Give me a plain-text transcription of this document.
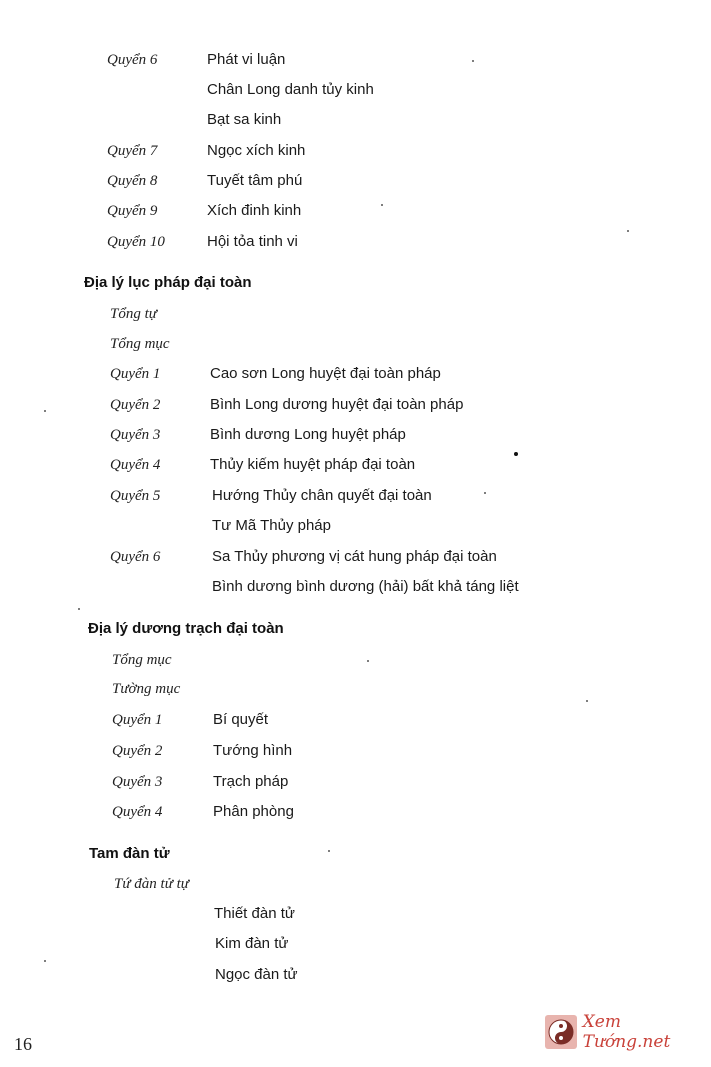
Quyển 6	Phát vi luận
Chân Long danh tủy kinh
Bạt sa kinh
Quyển 7	Ngọc xích kinh
Quyển 8	Tuyết tâm phú
Quyển 9	Xích đinh kinh
Quyển 10	Hội tỏa tinh vi
Địa lý lục pháp đại toàn
Tổng tự
Tổng mục
Quyển 1	Cao sơn Long huyệt đại toàn pháp
Quyển 2	Bình Long dương huyệt đại toàn pháp
Quyển 3	Bình dương Long huyệt pháp
Quyển 4	Thủy kiếm huyệt pháp đại toàn
Quyển 5	Hướng Thủy chân quyết đại toàn
Tư Mã Thủy pháp
Quyển 6	Sa Thủy phương vị cát hung pháp đại toàn
Bình dương bình dương (hải) bất khả táng liệt
Địa lý dương trạch đại toàn
Tổng mục
Tường mục
Quyển 1	Bí quyết
Quyển 2	Tướng hình
Quyển 3	Trạch pháp
Quyển 4	Phân phòng
Tam đàn tử
Tứ đàn tử tự
Thiết đàn tử
Kim đàn tử
Ngọc đàn tử
16
Xem Tướng.net
